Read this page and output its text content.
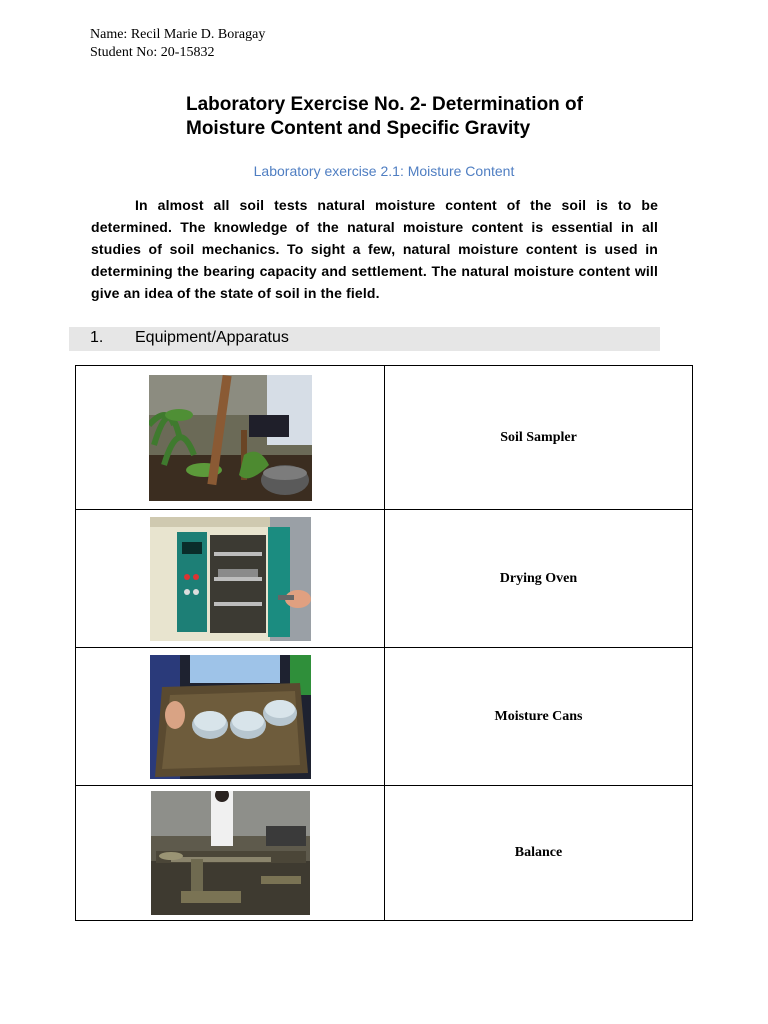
Name: Recil Marie D. Boragay
Student No: 20-15832
Laboratory Exercise No. 2- Determination of
Moisture Content and Specific Gravity
Laboratory exercise 2.1: Moisture Content
In almost all soil tests natural moisture content of the soil is to be determined. The knowledge of the natural moisture content is essential in all studies of soil mechanics. To sight a few, natural moisture content is used in determining the bearing capacity and settlement. The natural moisture content will give an idea of the state of soil in the field.
1. Equipment/Apparatus
	Soil Sampler

	Drying Oven

	Moisture Cans

	Balance
